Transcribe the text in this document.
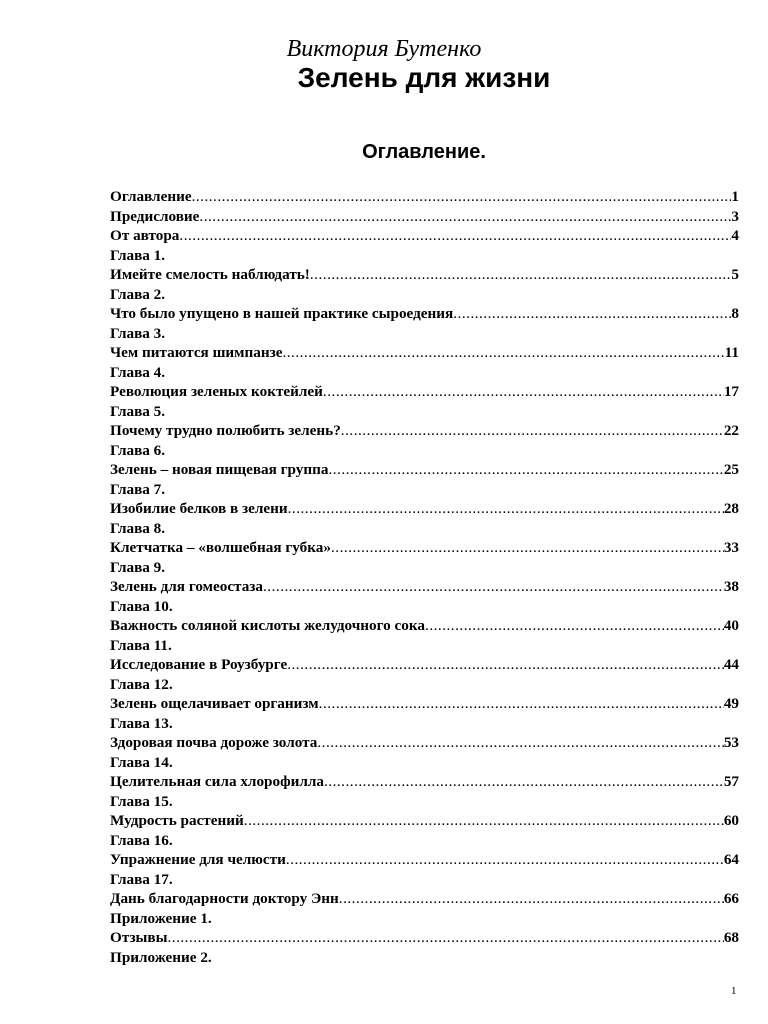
Виктория Бутенко
Зелень для жизни
Оглавление.
Оглавление .....	1
Предисловие .....	3
От автора .....	4
Глава 1.
Имейте смелость наблюдать! .....	5
Глава 2.
Что было упущено в нашей практике сыроедения .....	8
Глава 3.
Чем питаются шимпанзе .....	11
Глава 4.
Революция зеленых коктейлей .....	17
Глава 5.
Почему трудно полюбить зелень? .....	22
Глава 6.
Зелень – новая пищевая группа .....	25
Глава 7.
Изобилие белков в зелени .....	28
Глава 8.
Клетчатка – «волшебная губка» .....	33
Глава 9.
Зелень для гомеостаза .....	38
Глава 10.
Важность соляной кислоты желудочного сока .....	40
Глава 11.
Исследование в Роузбурге .....	44
Глава 12.
Зелень ощелачивает организм .....	49
Глава 13.
Здоровая почва дороже золота .....	53
Глава 14.
Целительная сила хлорофилла .....	57
Глава 15.
Мудрость растений .....	60
Глава 16.
Упражнение для челюсти .....	64
Глава 17.
Дань благодарности доктору Энн .....	66
Приложение 1.
Отзывы .....	68
Приложение 2.
1
